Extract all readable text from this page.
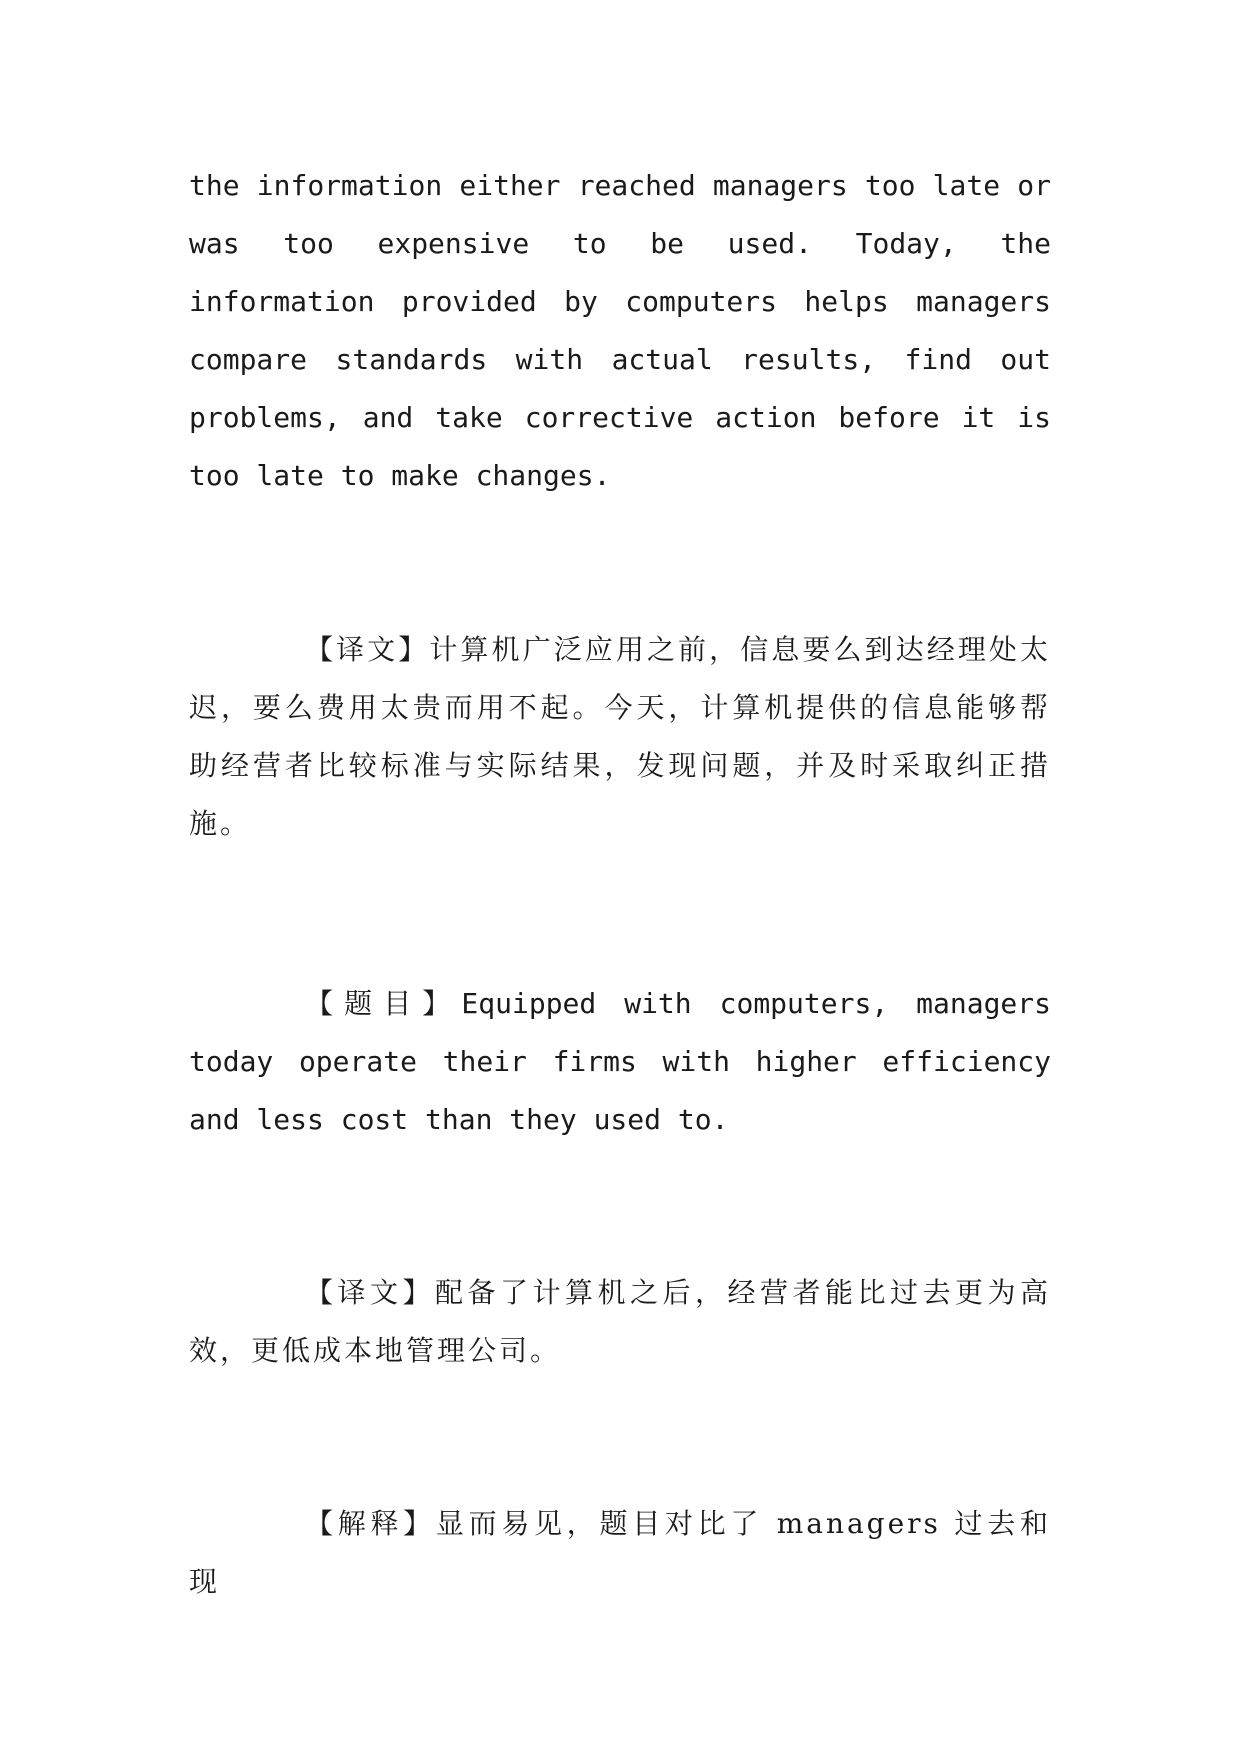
the information either reached managers too late or was too expensive to be used. Today, the information provided by computers helps managers compare standards with actual results, find out problems, and take corrective action before it is too late to make changes.

【译文】计算机广泛应用之前，信息要么到达经理处太迟，要么费用太贵而用不起。今天，计算机提供的信息能够帮助经营者比较标准与实际结果，发现问题，并及时采取纠正措施。

【题目】Equipped with computers, managers today operate their firms with higher efficiency and less cost than they used to.

【译文】配备了计算机之后，经营者能比过去更为高效，更低成本地管理公司。

【解释】显而易见，题目对比了 managers 过去和现
